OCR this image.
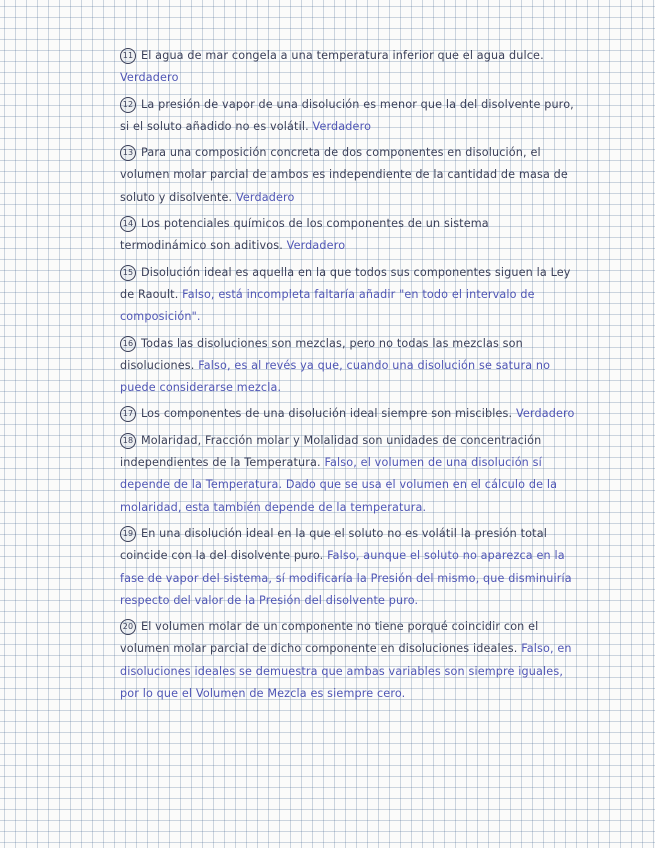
11 El agua de mar congela a una temperatura inferior que el agua dulce. Verdadero
12 La presión de vapor de una disolución es menor que la del disolvente puro, si el soluto añadido no es volátil. Verdadero
13 Para una composición concreta de dos componentes en disolución, el volumen molar parcial de ambos es independiente de la cantidad de masa de soluto y disolvente. Verdadero
14 Los potenciales químicos de los componentes de un sistema termodinámico son aditivos. Verdadero
15 Disolución ideal es aquella en la que todos sus componentes siguen la Ley de Raoult. Falso, está incompleta faltaría añadir "en todo el intervalo de composición".
16 Todas las disoluciones son mezclas, pero no todas las mezclas son disoluciones. Falso, es al revés ya que, cuando una disolución se satura no puede considerarse mezcla.
17 Los componentes de una disolución ideal siempre son miscibles. Verdadero
18 Molaridad, Fracción molar y Molalidad son unidades de concentración independientes de la Temperatura. Falso, el volumen de una disolución sí depende de la Temperatura. Dado que se usa el volumen en el cálculo de la molaridad, esta también depende de la temperatura.
19 En una disolución ideal en la que el soluto no es volátil la presión total coincide con la del disolvente puro. Falso, aunque el soluto no aparezca en la fase de vapor del sistema, sí modificaría la Presión del mismo, que disminuiría respecto del valor de la Presión del disolvente puro.
20 El volumen molar de un componente no tiene porqué coincidir con el volumen molar parcial de dicho componente en disoluciones ideales. Falso, en disoluciones ideales se demuestra que ambas variables son siempre iguales, por lo que el Volumen de Mezcla es siempre cero.
